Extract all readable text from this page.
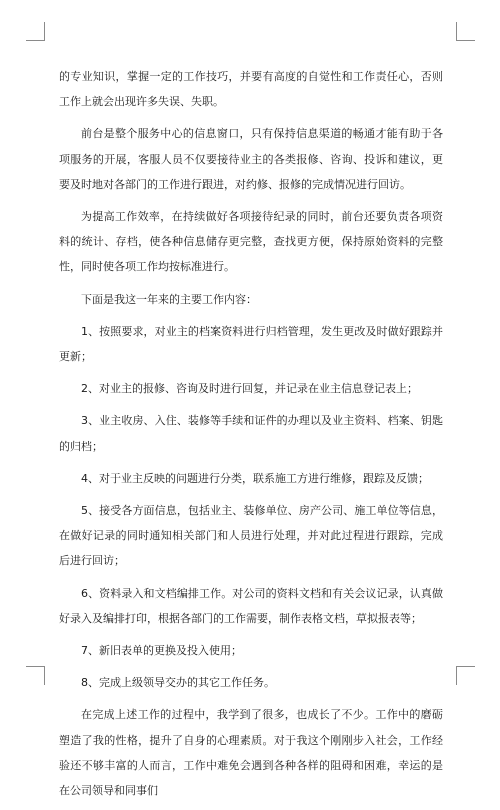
的专业知识，掌握一定的工作技巧，并要有高度的自觉性和工作责任心，否则工作上就会出现许多失误、失职。

前台是整个服务中心的信息窗口，只有保持信息渠道的畅通才能有助于各项服务的开展，客服人员不仅要接待业主的各类报修、咨询、投诉和建议，更要及时地对各部门的工作进行跟进，对约修、报修的完成情况进行回访。

为提高工作效率，在持续做好各项接待纪录的同时，前台还要负责各项资料的统计、存档，使各种信息储存更完整，查找更方便，保持原始资料的完整性，同时使各项工作均按标准进行。

下面是我这一年来的主要工作内容：

1、按照要求，对业主的档案资料进行归档管理，发生更改及时做好跟踪并更新；

2、对业主的报修、咨询及时进行回复，并记录在业主信息登记表上；

3、业主收房、入住、装修等手续和证件的办理以及业主资料、档案、钥匙的归档；

4、对于业主反映的问题进行分类，联系施工方进行维修，跟踪及反馈；

5、接受各方面信息，包括业主、装修单位、房产公司、施工单位等信息，在做好记录的同时通知相关部门和人员进行处理，并对此过程进行跟踪，完成后进行回访；

6、资料录入和文档编排工作。对公司的资料文档和有关会议记录，认真做好录入及编排打印，根据各部门的工作需要，制作表格文档，草拟报表等；

7、新旧表单的更换及投入使用；

8、完成上级领导交办的其它工作任务。

在完成上述工作的过程中，我学到了很多，也成长了不少。工作中的磨砺塑造了我的性格，提升了自身的心理素质。对于我这个刚刚步入社会，工作经验还不够丰富的人而言，工作中难免会遇到各种各样的阻碍和困难，幸运的是在公司领导和同事们
